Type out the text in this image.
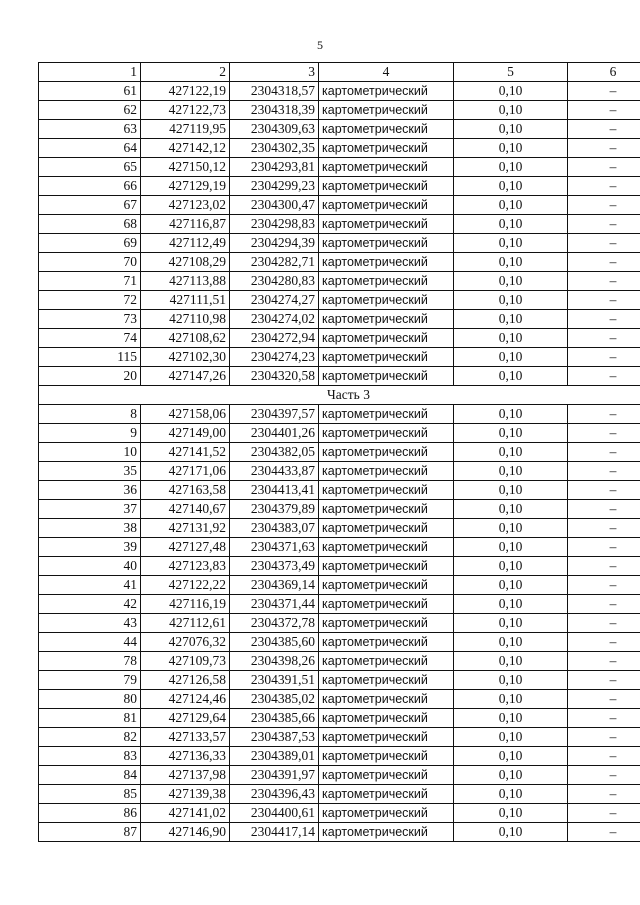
5
1	2	3	4	5	6
61	427122,19	2304318,57	картометрический	0,10	–
62	427122,73	2304318,39	картометрический	0,10	–
63	427119,95	2304309,63	картометрический	0,10	–
64	427142,12	2304302,35	картометрический	0,10	–
65	427150,12	2304293,81	картометрический	0,10	–
66	427129,19	2304299,23	картометрический	0,10	–
67	427123,02	2304300,47	картометрический	0,10	–
68	427116,87	2304298,83	картометрический	0,10	–
69	427112,49	2304294,39	картометрический	0,10	–
70	427108,29	2304282,71	картометрический	0,10	–
71	427113,88	2304280,83	картометрический	0,10	–
72	427111,51	2304274,27	картометрический	0,10	–
73	427110,98	2304274,02	картометрический	0,10	–
74	427108,62	2304272,94	картометрический	0,10	–
115	427102,30	2304274,23	картометрический	0,10	–
20	427147,26	2304320,58	картометрический	0,10	–
Часть 3					
8	427158,06	2304397,57	картометрический	0,10	–
9	427149,00	2304401,26	картометрический	0,10	–
10	427141,52	2304382,05	картометрический	0,10	–
35	427171,06	2304433,87	картометрический	0,10	–
36	427163,58	2304413,41	картометрический	0,10	–
37	427140,67	2304379,89	картометрический	0,10	–
38	427131,92	2304383,07	картометрический	0,10	–
39	427127,48	2304371,63	картометрический	0,10	–
40	427123,83	2304373,49	картометрический	0,10	–
41	427122,22	2304369,14	картометрический	0,10	–
42	427116,19	2304371,44	картометрический	0,10	–
43	427112,61	2304372,78	картометрический	0,10	–
44	427076,32	2304385,60	картометрический	0,10	–
78	427109,73	2304398,26	картометрический	0,10	–
79	427126,58	2304391,51	картометрический	0,10	–
80	427124,46	2304385,02	картометрический	0,10	–
81	427129,64	2304385,66	картометрический	0,10	–
82	427133,57	2304387,53	картометрический	0,10	–
83	427136,33	2304389,01	картометрический	0,10	–
84	427137,98	2304391,97	картометрический	0,10	–
85	427139,38	2304396,43	картометрический	0,10	–
86	427141,02	2304400,61	картометрический	0,10	–
87	427146,90	2304417,14	картометрический	0,10	–
